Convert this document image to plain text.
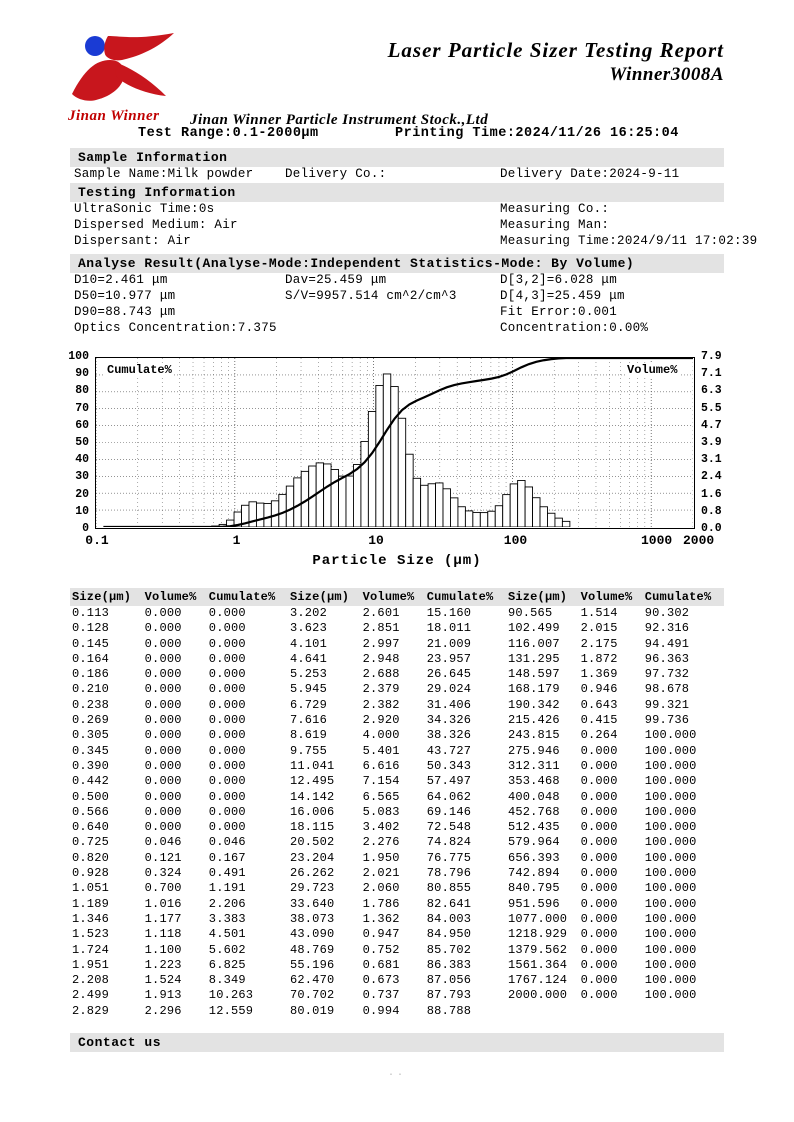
Jinan Winner
Laser Particle Sizer Testing Report
Winner3008A
Jinan Winner Particle Instrument Stock.,Ltd
Test Range:0.1-2000μm	Printing Time:2024/11/26 16:25:04
Sample Information
Sample Name:Milk powder	Delivery Co.:	Delivery Date:2024-9-11
Testing Information
UltraSonic Time:0s	Measuring Co.:
Dispersed Medium: Air	Measuring Man:
Dispersant: Air	Measuring Time:2024/9/11 17:02:39
Analyse Result(Analyse-Mode:Independent Statistics-Mode: By Volume)
D10=2.461 μm	Dav=25.459 μm	D[3,2]=6.028 μm
D50=10.977 μm	S/V=9957.514 cm^2/cm^3	D[4,3]=25.459 μm
D90=88.743 μm	Fit Error:0.001
Optics Concentration:7.375	Concentration:0.00%
0
10
20
30
40
50
60
70
80
90
100
0.0
0.8
1.6
2.4
3.1
3.9
4.7
5.5
6.3
7.1
7.9
0.1	1	10	100	1000 2000
Cumulate%	Volume%
Particle Size (μm)
Size(μm)	Volume%	Cumulate%	Size(μm)	Volume%	Cumulate%	Size(μm)	Volume%	Cumulate%
0.113	0.000	0.000	3.202	2.601	15.160	90.565	1.514	90.302
0.128	0.000	0.000	3.623	2.851	18.011	102.499	2.015	92.316
0.145	0.000	0.000	4.101	2.997	21.009	116.007	2.175	94.491
0.164	0.000	0.000	4.641	2.948	23.957	131.295	1.872	96.363
0.186	0.000	0.000	5.253	2.688	26.645	148.597	1.369	97.732
0.210	0.000	0.000	5.945	2.379	29.024	168.179	0.946	98.678
0.238	0.000	0.000	6.729	2.382	31.406	190.342	0.643	99.321
0.269	0.000	0.000	7.616	2.920	34.326	215.426	0.415	99.736
0.305	0.000	0.000	8.619	4.000	38.326	243.815	0.264	100.000
0.345	0.000	0.000	9.755	5.401	43.727	275.946	0.000	100.000
0.390	0.000	0.000	11.041	6.616	50.343	312.311	0.000	100.000
0.442	0.000	0.000	12.495	7.154	57.497	353.468	0.000	100.000
0.500	0.000	0.000	14.142	6.565	64.062	400.048	0.000	100.000
0.566	0.000	0.000	16.006	5.083	69.146	452.768	0.000	100.000
0.640	0.000	0.000	18.115	3.402	72.548	512.435	0.000	100.000
0.725	0.046	0.046	20.502	2.276	74.824	579.964	0.000	100.000
0.820	0.121	0.167	23.204	1.950	76.775	656.393	0.000	100.000
0.928	0.324	0.491	26.262	2.021	78.796	742.894	0.000	100.000
1.051	0.700	1.191	29.723	2.060	80.855	840.795	0.000	100.000
1.189	1.016	2.206	33.640	1.786	82.641	951.596	0.000	100.000
1.346	1.177	3.383	38.073	1.362	84.003	1077.000	0.000	100.000
1.523	1.118	4.501	43.090	0.947	84.950	1218.929	0.000	100.000
1.724	1.100	5.602	48.769	0.752	85.702	1379.562	0.000	100.000
1.951	1.223	6.825	55.196	0.681	86.383	1561.364	0.000	100.000
2.208	1.524	8.349	62.470	0.673	87.056	1767.124	0.000	100.000
2.499	1.913	10.263	70.702	0.737	87.793	2000.000	0.000	100.000
2.829	2.296	12.559	80.019	0.994	88.788			
Contact us
··
